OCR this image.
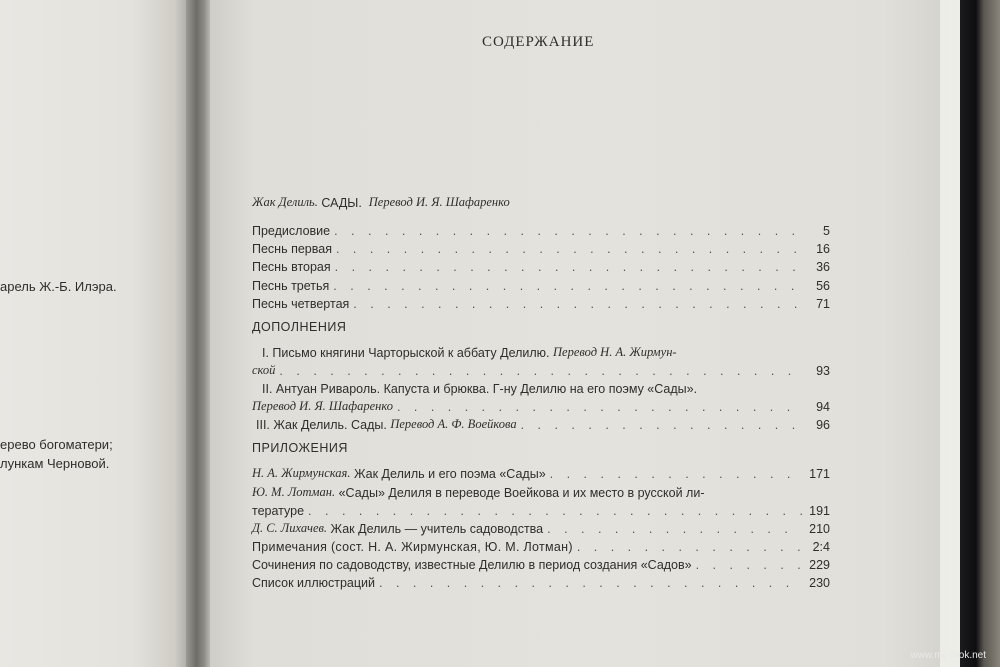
арель Ж.-Б. Илэра.
ерево богоматери;
лункам Черновой.
СОДЕРЖАНИЕ
Жак Делиль.
САДЫ.
Перевод И. Я. Шафаренко
Предисловие . . .	5
Песнь первая . . .	16
Песнь вторая . . .	36
Песнь третья . . .	56
Песнь четвертая . . .	71
ДОПОЛНЕНИЯ
I. Письмо княгини Чарторыской к аббату Делилю.
Перевод Н. А. Жирмун-
ской . . .	93
II. Антуан Ривароль. Капуста и брюква. Г-ну Делилю на его поэму «Сады».
Перевод И. Я. Шафаренко . . .	94
III. Жак Делиль. Сады.
Перевод А. Ф. Воейкова . . .	96
ПРИЛОЖЕНИЯ
Н. А. Жирмунская.
Жак Делиль и его поэма «Сады» . . .	171
Ю. М. Лотман.
«Сады» Делиля в переводе Воейкова и их место в русской ли-
тературе . . .	191
Д. С. Лихачев.
Жак Делиль — учитель садоводства . . .	210
Примечания (сост. Н. А. Жирмунская, Ю. М. Лотман) . . .	2:4
Сочинения по садоводству, известные Делилю в период создания «Садов» . . .	229
Список иллюстраций . . .	230
www.meshok.net
